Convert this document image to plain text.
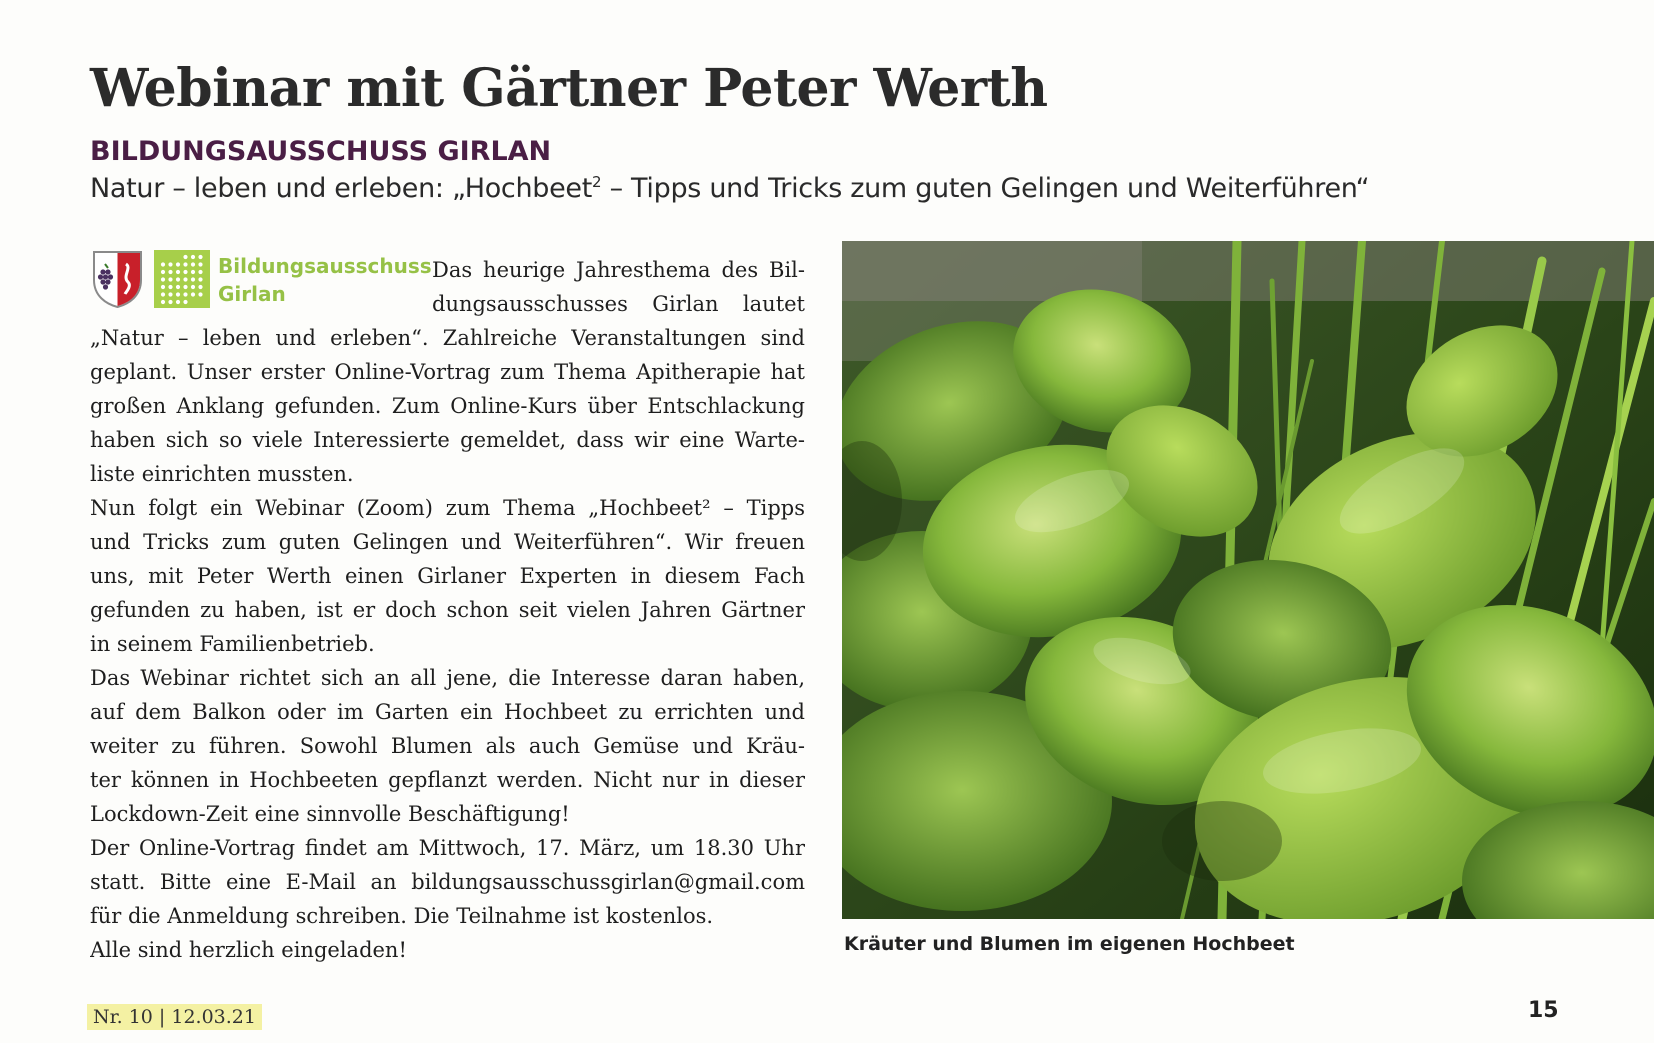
Webinar mit Gärtner Peter Werth
BILDUNGSAUSSCHUSS GIRLAN
Natur – leben und erleben: „Hochbeet$^2$ – Tipps und Tricks zum guten Gelingen und Weiterführen“
Bildungsausschuss
Girlan
Das heurige Jahresthema des Bil-
dungsausschusses Girlan lautet
„Natur – leben und erleben“. Zahlreiche Veranstaltungen sind
geplant. Unser erster Online-Vortrag zum Thema Apitherapie hat
großen Anklang gefunden. Zum Online-Kurs über Entschlackung
haben sich so viele Interessierte gemeldet, dass wir eine Warte-
liste einrichten mussten.
Nun folgt ein Webinar (Zoom) zum Thema „Hochbeet² – Tipps
und Tricks zum guten Gelingen und Weiterführen“. Wir freuen
uns, mit Peter Werth einen Girlaner Experten in diesem Fach
gefunden zu haben, ist er doch schon seit vielen Jahren Gärtner
in seinem Familienbetrieb.
Das Webinar richtet sich an all jene, die Interesse daran haben,
auf dem Balkon oder im Garten ein Hochbeet zu errichten und
weiter zu führen. Sowohl Blumen als auch Gemüse und Kräu-
ter können in Hochbeeten gepflanzt werden. Nicht nur in dieser
Lockdown-Zeit eine sinnvolle Beschäftigung!
Der Online-Vortrag findet am Mittwoch, 17. März, um 18.30 Uhr
statt. Bitte eine E-Mail an bildungsausschussgirlan@gmail.com
für die Anmeldung schreiben. Die Teilnahme ist kostenlos.
Alle sind herzlich eingeladen!	Kräuter und Blumen im eigenen Hochbeet
Nr. 10 | 12.03.21	15
